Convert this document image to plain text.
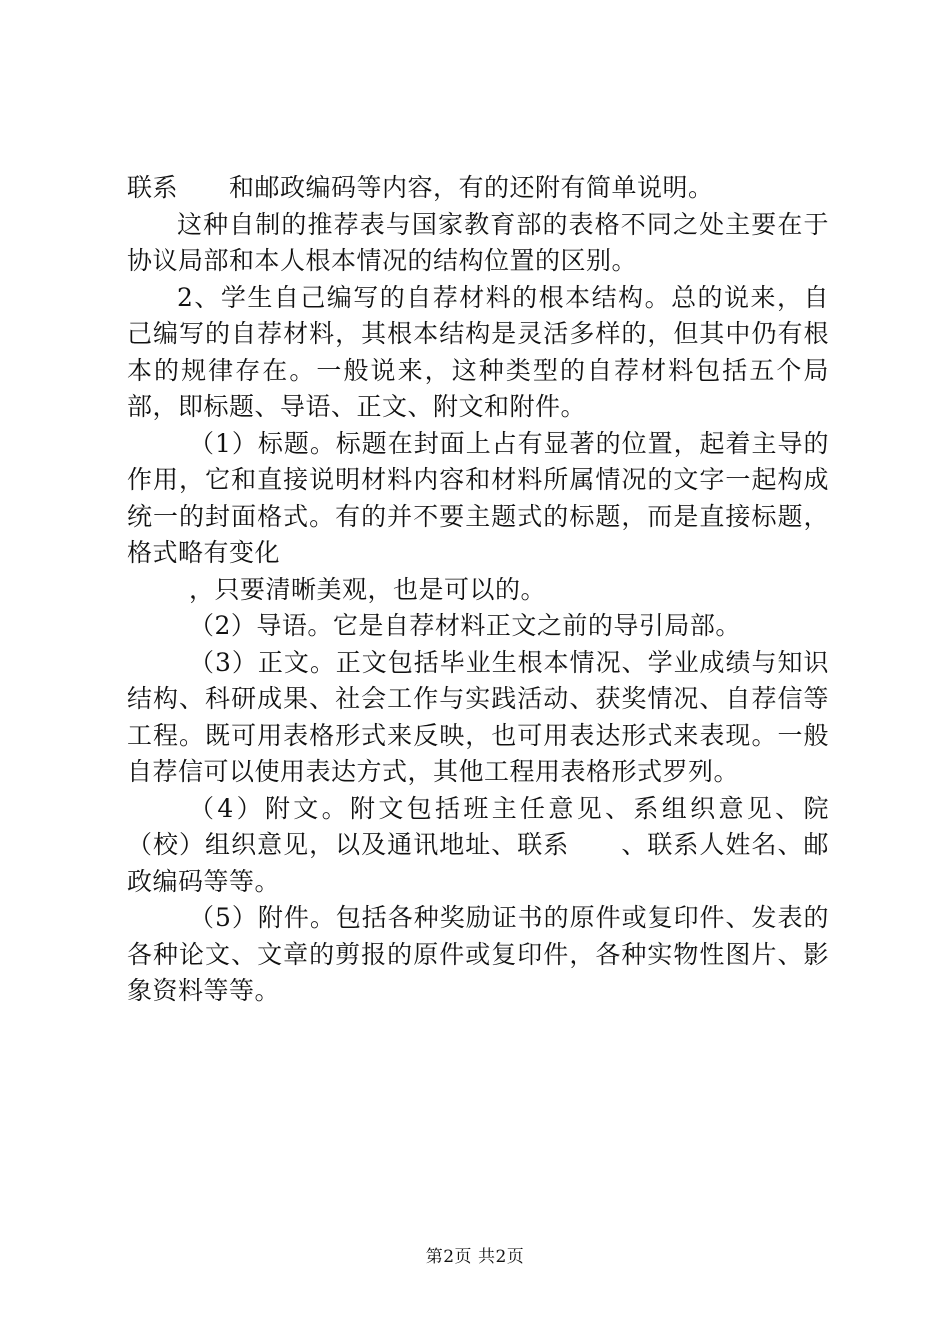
联系　　和邮政编码等内容，有的还附有简单说明。

这种自制的推荐表与国家教育部的表格不同之处主要在于协议局部和本人根本情况的结构位置的区别。

2、学生自己编写的自荐材料的根本结构。总的说来，自己编写的自荐材料，其根本结构是灵活多样的，但其中仍有根本的规律存在。一般说来，这种类型的自荐材料包括五个局部，即标题、导语、正文、附文和附件。

（1）标题。标题在封面上占有显著的位置，起着主导的作用，它和直接说明材料内容和材料所属情况的文字一起构成统一的封面格式。有的并不要主题式的标题，而是直接标题，格式略有变化

，只要清晰美观，也是可以的。

（2）导语。它是自荐材料正文之前的导引局部。

（3）正文。正文包括毕业生根本情况、学业成绩与知识结构、科研成果、社会工作与实践活动、获奖情况、自荐信等工程。既可用表格形式来反映，也可用表达形式来表现。一般自荐信可以使用表达方式，其他工程用表格形式罗列。

（4）附文。附文包括班主任意见、系组织意见、院（校）组织意见，以及通讯地址、联系　　、联系人姓名、邮政编码等等。

（5）附件。包括各种奖励证书的原件或复印件、发表的各种论文、文章的剪报的原件或复印件，各种实物性图片、影象资料等等。

第2页 共2页
